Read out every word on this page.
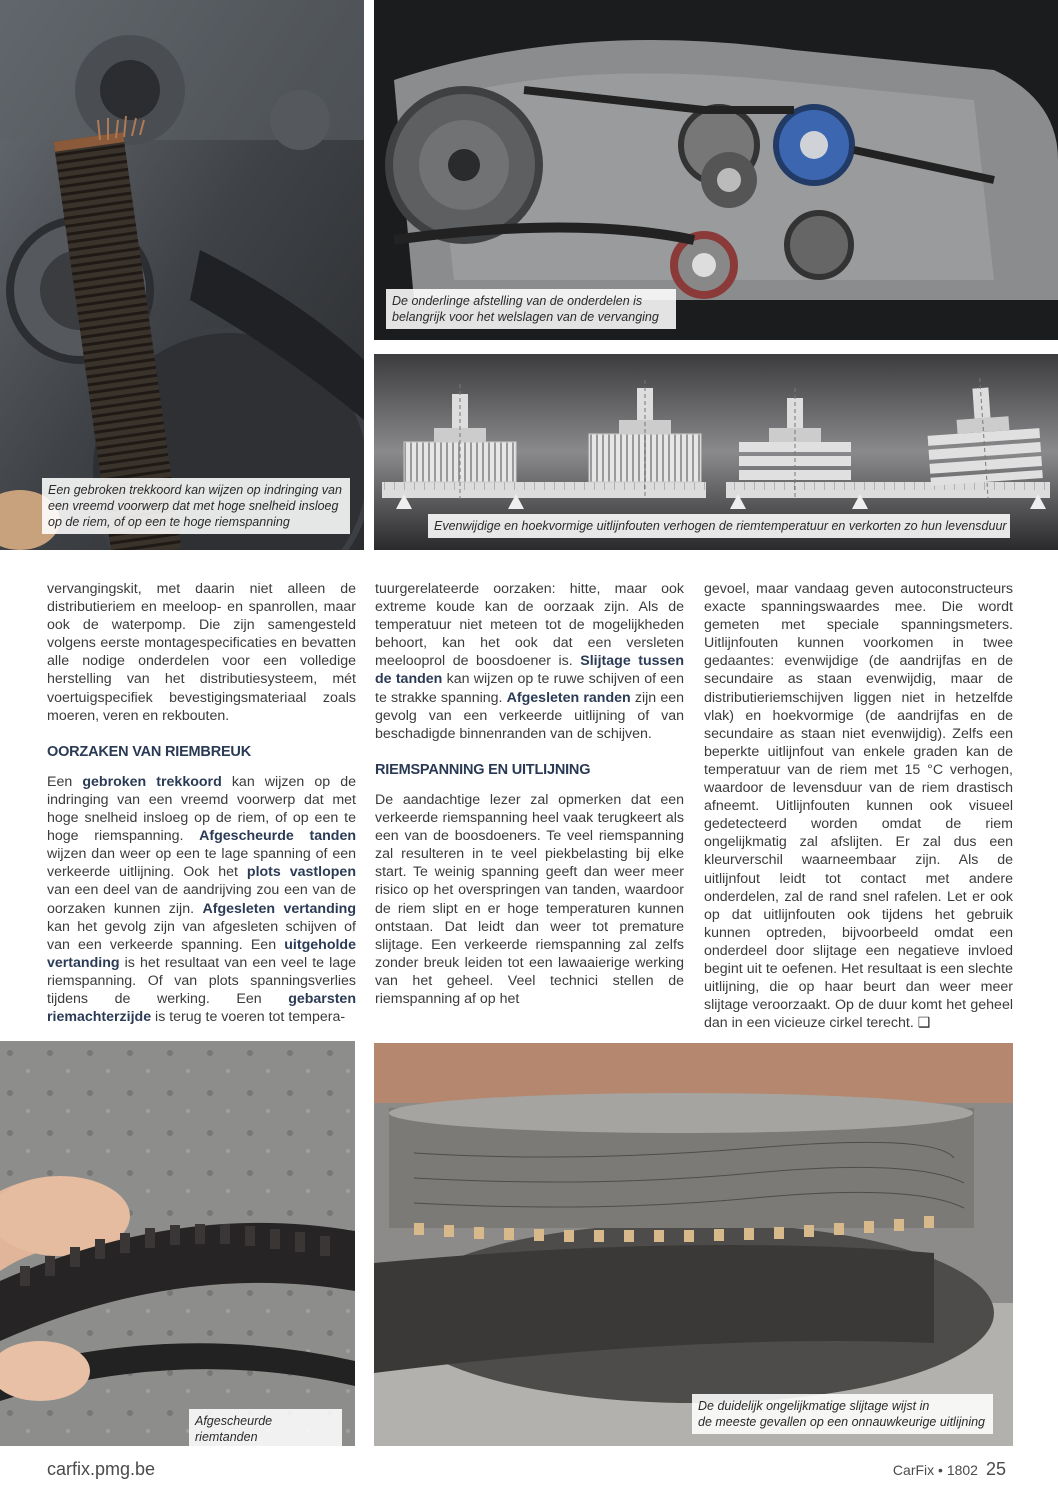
Een gebroken trekkoord kan wijzen op indringing van een vreemd voorwerp dat met hoge snelheid insloeg op de riem, of op een te hoge riemspanning
De onderlinge afstelling van de onderdelen is belangrijk voor het welslagen van de vervanging
Evenwijdige en hoekvormige uitlijnfouten verhogen de riemtemperatuur en verkorten zo hun levensduur

vervangingskit, met daarin niet alleen de distributieriem en meeloop- en spanrollen, maar ook de waterpomp. Die zijn samengesteld volgens eerste montagespecificaties en bevatten alle nodige onderdelen voor een volledige herstelling van het distributiesysteem, mét voertuigspecifiek bevestigingsmateriaal zoals moeren, veren en rekbouten.

OORZAKEN VAN RIEMBREUK

Een gebroken trekkoord kan wijzen op de indringing van een vreemd voorwerp dat met hoge snelheid insloeg op de riem, of op een te hoge riemspanning. Afgescheurde tanden wijzen dan weer op een te lage spanning of een verkeerde uitlijning. Ook het plots vastlopen van een deel van de aandrijving zou een van de oorzaken kunnen zijn. Afgesleten vertanding kan het gevolg zijn van afgesleten schijven of van een verkeerde spanning. Een uitgeholde vertanding is het resultaat van een veel te lage riemspanning. Of van plots spanningsverlies tijdens de werking. Een gebarsten riemachterzijde is terug te voeren tot tempera-

tuurgerelateerde oorzaken: hitte, maar ook extreme koude kan de oorzaak zijn. Als de temperatuur niet meteen tot de mogelijkheden behoort, kan het ook dat een versleten meelooprol de boosdoener is. Slijtage tussen de tanden kan wijzen op te ruwe schijven of een te strakke spanning. Afgesleten randen zijn een gevolg van een verkeerde uitlijning of van beschadigde binnenranden van de schijven.

RIEMSPANNING EN UITLIJNING

De aandachtige lezer zal opmerken dat een verkeerde riemspanning heel vaak terugkeert als een van de boosdoeners. Te veel riemspanning zal resulteren in te veel piekbelasting bij elke start. Te weinig spanning geeft dan weer meer risico op het overspringen van tanden, waardoor de riem slipt en er hoge temperaturen kunnen ontstaan. Dat leidt dan weer tot premature slijtage. Een verkeerde riemspanning zal zelfs zonder breuk leiden tot een lawaaierige werking van het geheel. Veel technici stellen de riemspanning af op het

gevoel, maar vandaag geven autoconstructeurs exacte spanningswaardes mee. Die wordt gemeten met speciale spanningsmeters. Uitlijnfouten kunnen voorkomen in twee gedaantes: evenwijdige (de aandrijfas en de secundaire as staan evenwijdig, maar de distributieriemschijven liggen niet in hetzelfde vlak) en hoekvormige (de aandrijfas en de secundaire as staan niet evenwijdig). Zelfs een beperkte uitlijnfout van enkele graden kan de temperatuur van de riem met 15 °C verhogen, waardoor de levensduur van de riem drastisch afneemt. Uitlijnfouten kunnen ook visueel gedetecteerd worden omdat de riem ongelijkmatig zal afslijten. Er zal dus een kleurverschil waarneembaar zijn. Als de uitlijnfout leidt tot contact met andere onderdelen, zal de rand snel rafelen. Let er ook op dat uitlijnfouten ook tijdens het gebruik kunnen optreden, bijvoorbeeld omdat een onderdeel door slijtage een negatieve invloed begint uit te oefenen. Het resultaat is een slechte uitlijning, die op haar beurt dan weer meer slijtage veroorzaakt. Op de duur komt het geheel dan in een vicieuze cirkel terecht. ❑

Afgescheurde riemtanden
De duidelijk ongelijkmatige slijtage wijst in
de meeste gevallen op een onnauwkeurige uitlijning
carfix.pmg.be	CarFix • 1802 25
